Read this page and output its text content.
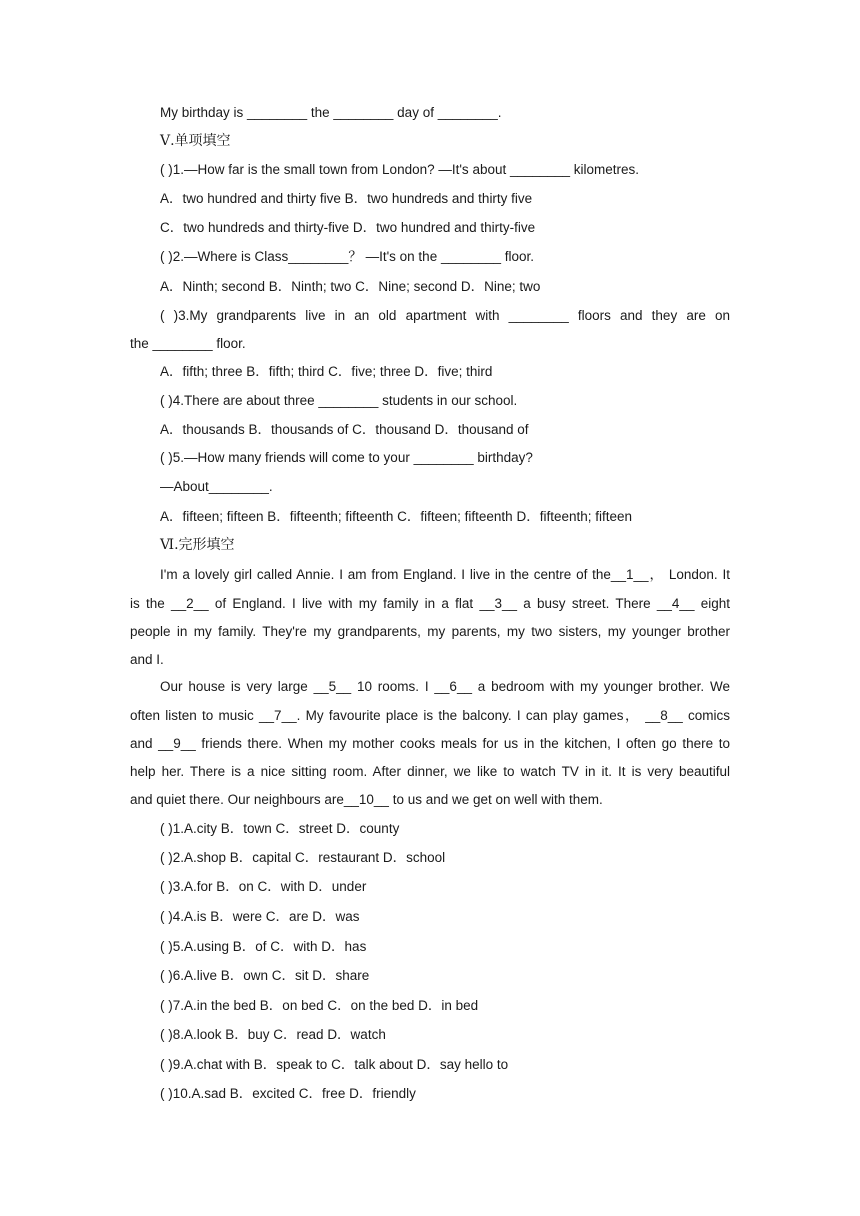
My birthday is ________ the ________ day of ________.

Ⅴ.单项填空

( )1.—How far is the small town from London? —It's about ________ kilometres.

A．two hundred and thirty five B．two hundreds and thirty five

C．two hundreds and thirty-five D．two hundred and thirty-five

( )2.—Where is Class________？ —It's on the ________ floor.

A．Ninth; second B．Ninth; two C．Nine; second D．Nine; two

( )3.My grandparents live in an old apartment with ________ floors and they are on

the ________ floor.

A．fifth; three B．fifth; third C．five; three D．five; third

( )4.There are about three ________ students in our school.

A．thousands B．thousands of C．thousand D．thousand of

( )5.—How many friends will come to your ________ birthday?

—About________.

A．fifteen; fifteen B．fifteenth; fifteenth C．fifteen; fifteenth D．fifteenth; fifteen

Ⅵ.完形填空

I'm a lovely girl called Annie. I am from England. I live in the centre of the__1__， London. It

is the __2__ of England. I live with my family in a flat __3__ a busy street. There __4__ eight

people in my family. They're my grandparents, my parents, my two sisters, my younger brother

and I.

Our house is very large __5__ 10 rooms. I __6__ a bedroom with my younger brother. We

often listen to music __7__. My favourite place is the balcony. I can play games， __8__ comics

and __9__ friends there. When my mother cooks meals for us in the kitchen, I often go there to

help her. There is a nice sitting room. After dinner, we like to watch TV in it. It is very beautiful

and quiet there. Our neighbours are__10__ to us and we get on well with them.

( )1.A.city B．town C．street D．county

( )2.A.shop B．capital C．restaurant D．school

( )3.A.for B．on C．with D．under

( )4.A.is B．were C．are D．was

( )5.A.using B．of C．with D．has

( )6.A.live B．own C．sit D．share

( )7.A.in the bed B．on bed C．on the bed D．in bed

( )8.A.look B．buy C．read D．watch

( )9.A.chat with B．speak to C．talk about D．say hello to

( )10.A.sad B．excited C．free D．friendly
